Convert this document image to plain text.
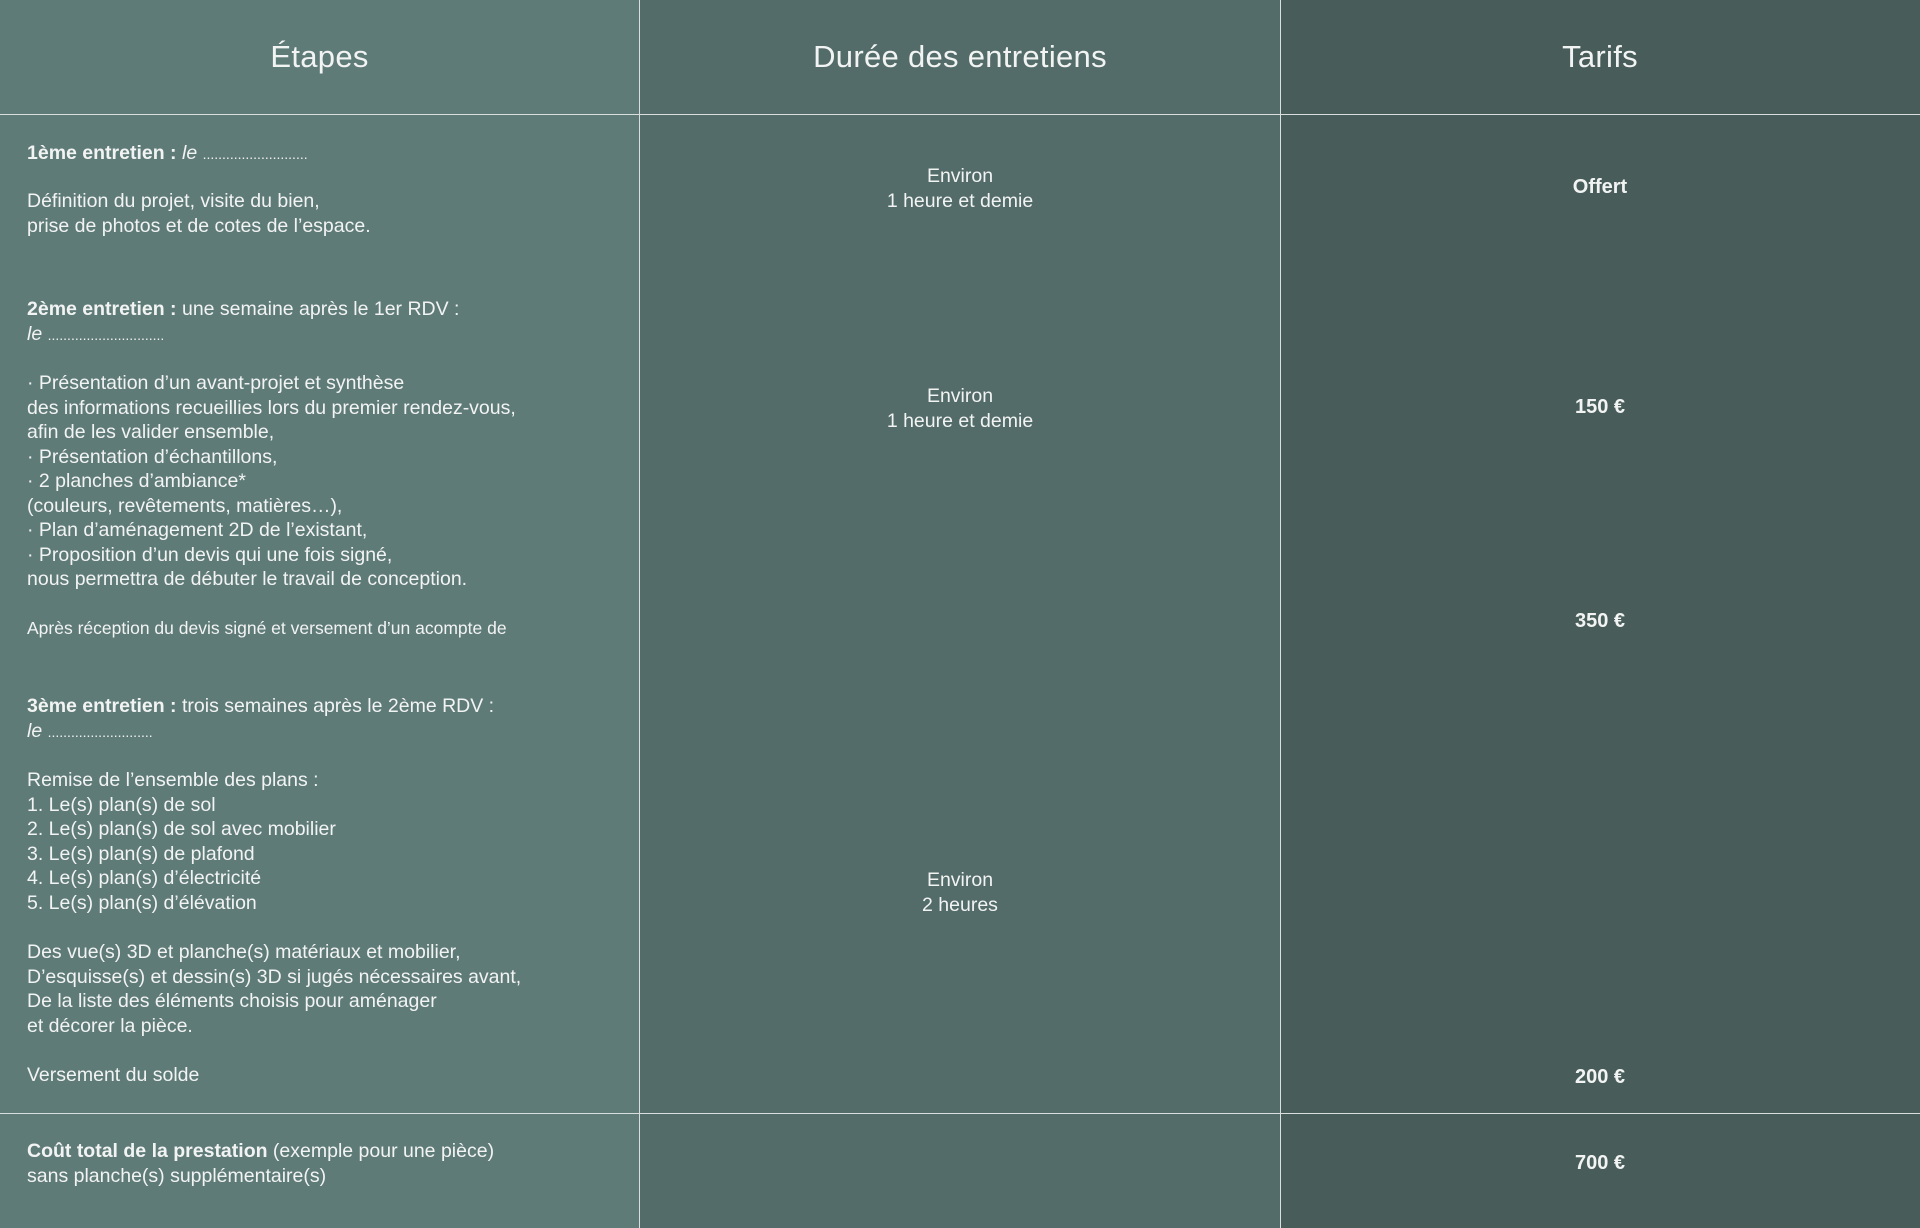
Étapes	Durée des entretiens	Tarifs
1ème entretien : le ...........................
Définition du projet, visite du bien,
prise de photos et de cotes de l’espace.
Environ
1 heure et demie
Offert
2ème entretien : une semaine après le 1er RDV :
le ..............................
· Présentation d’un avant-projet et synthèse
des informations recueillies lors du premier rendez-vous,
afin de les valider ensemble,
· Présentation d’échantillons,
· 2 planches d’ambiance*
(couleurs, revêtements, matières…),
· Plan d’aménagement 2D de l’existant,
· Proposition d’un devis qui une fois signé,
nous permettra de débuter le travail de conception.
Après réception du devis signé et versement d’un acompte de
Environ
1 heure et demie
150 €
350 €
3ème entretien : trois semaines après le 2ème RDV :
le ...........................
Remise de l’ensemble des plans :
1. Le(s) plan(s) de sol
2. Le(s) plan(s) de sol avec mobilier
3. Le(s) plan(s) de plafond
4. Le(s) plan(s) d’électricité
5. Le(s) plan(s) d’élévation
Des vue(s) 3D et planche(s) matériaux et mobilier,
D’esquisse(s) et dessin(s) 3D si jugés nécessaires avant,
De la liste des éléments choisis pour aménager
et décorer la pièce.
Versement du solde
Environ
2 heures
200 €
Coût total de la prestation (exemple pour une pièce)
sans planche(s) supplémentaire(s)
700 €
